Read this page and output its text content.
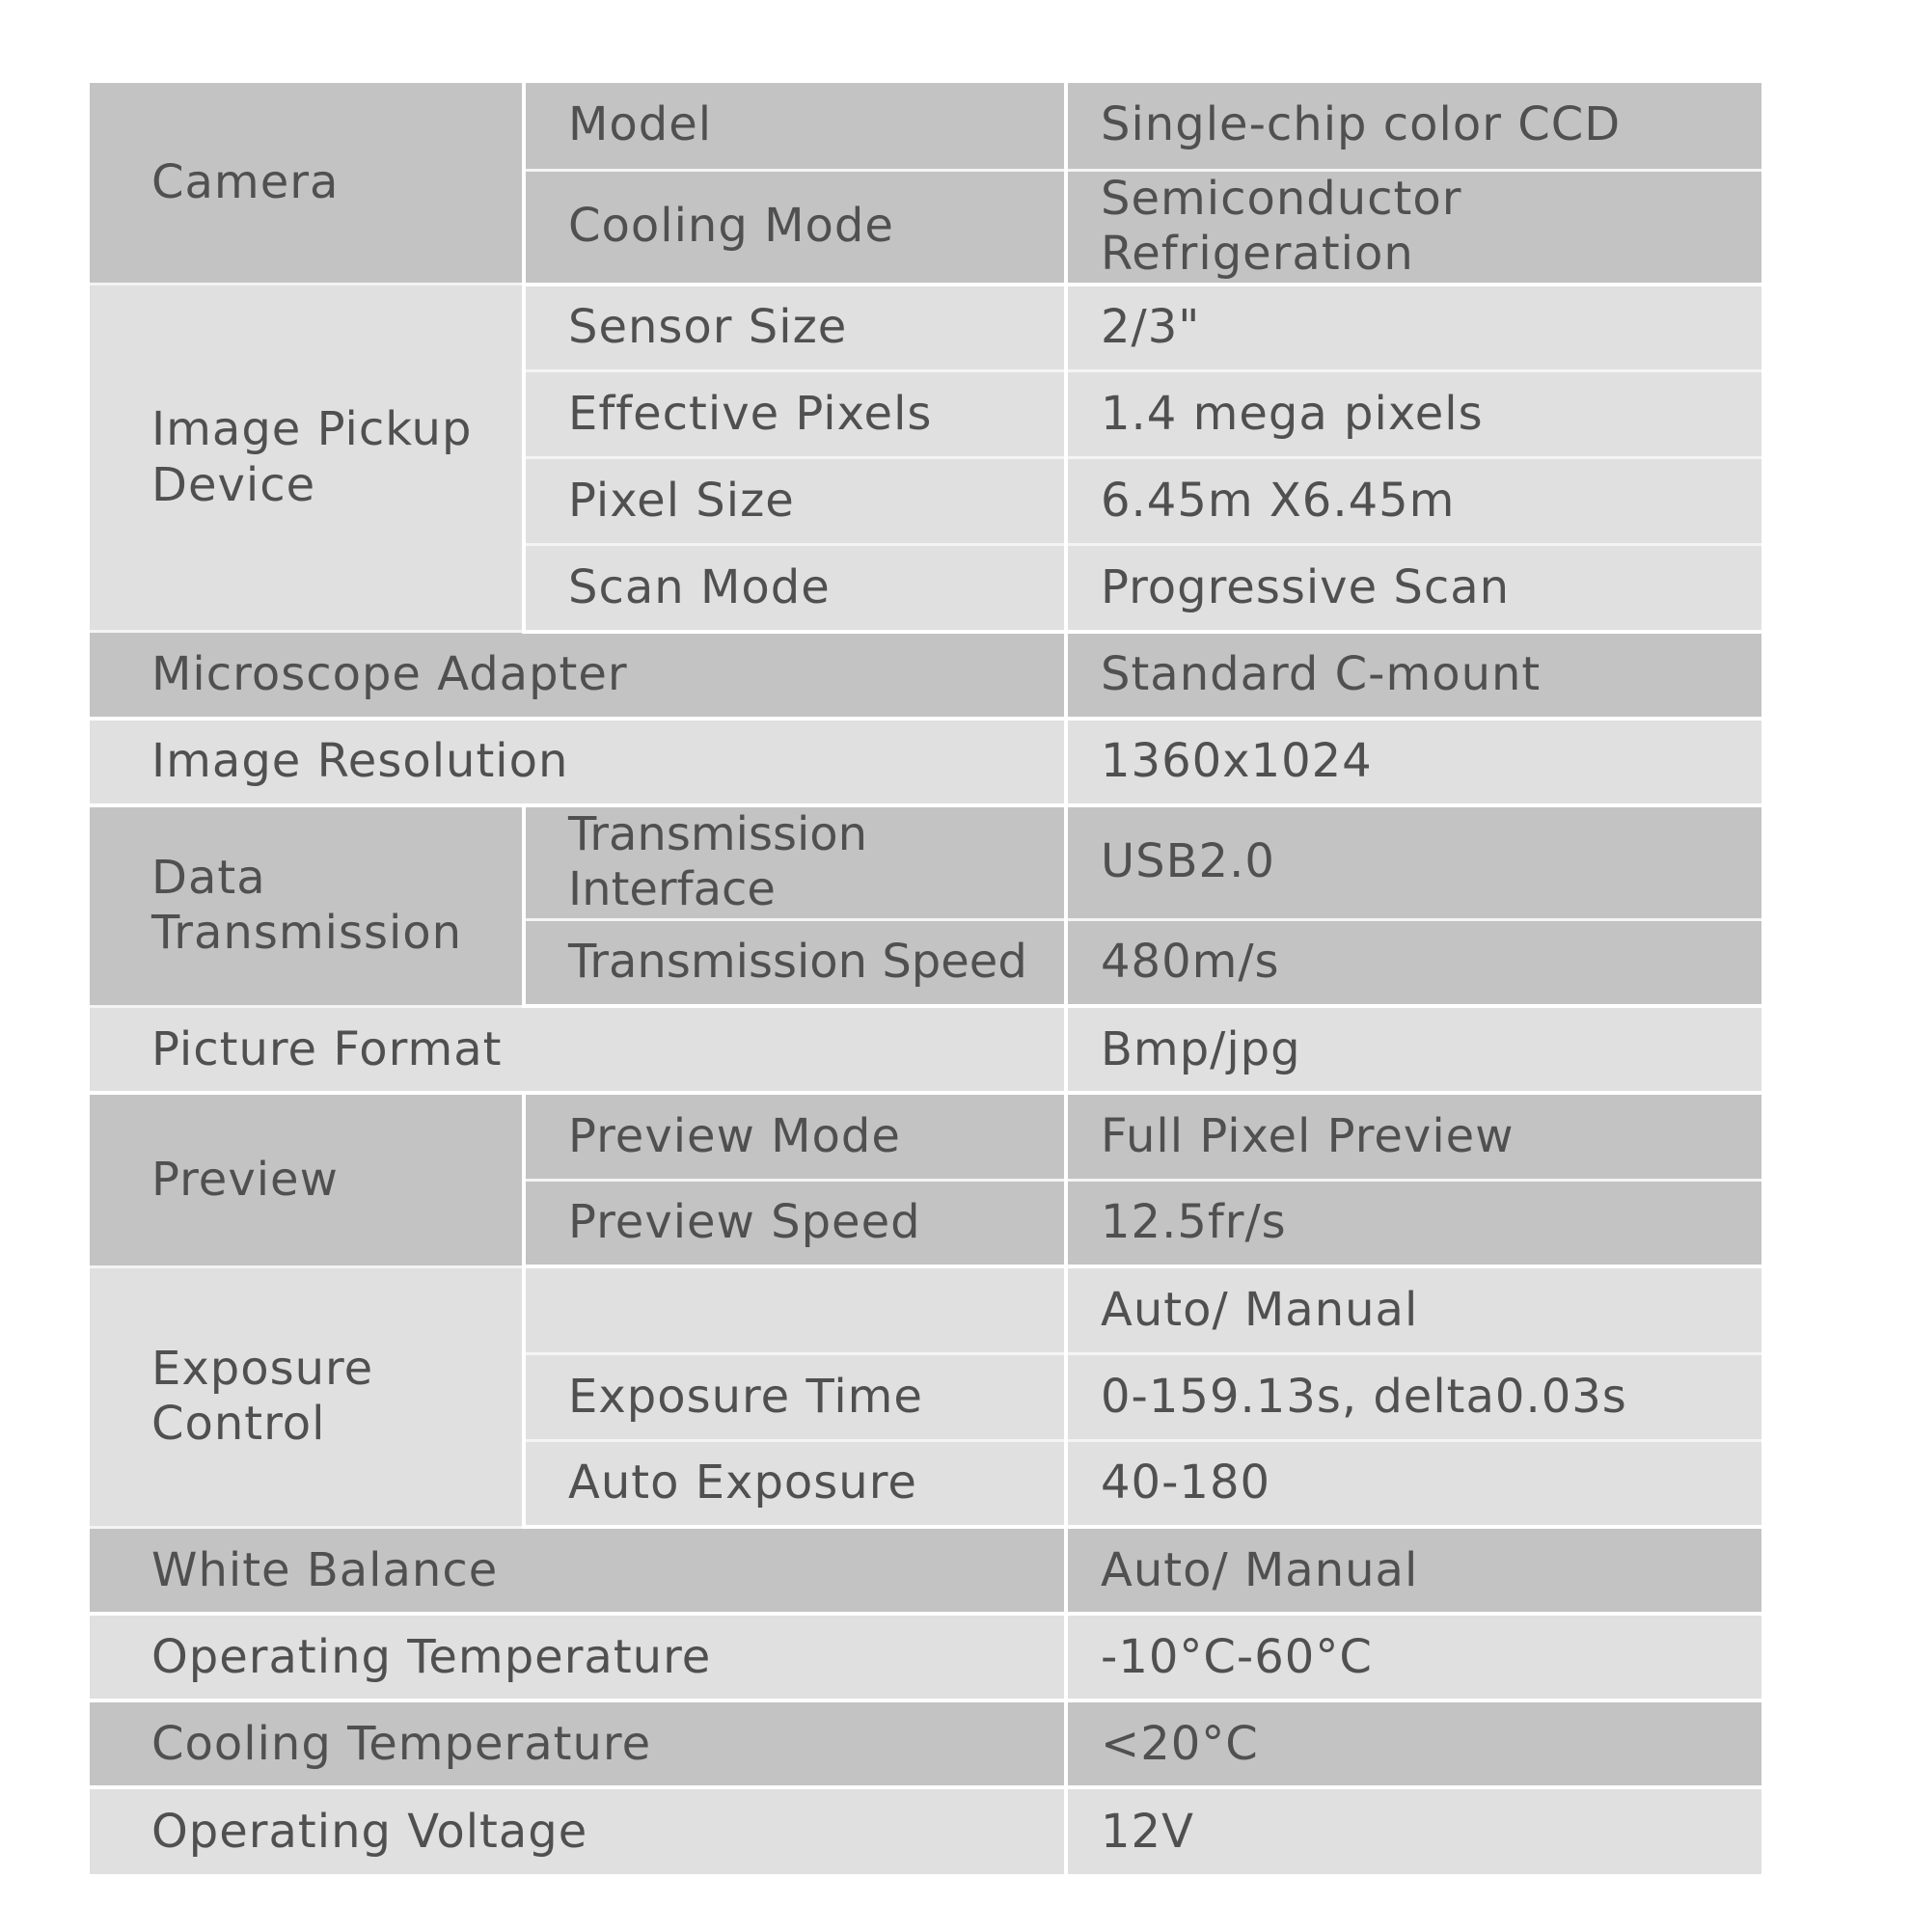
Camera	Model	Single-chip color CCD
	Cooling Mode	Semiconductor Refrigeration
Image Pickup Device	Sensor Size	2/3"
	Effective Pixels	1.4 mega pixels
	Pixel Size	6.45m X6.45m
	Scan Mode	Progressive Scan
Microscope Adapter		Standard C-mount
Image Resolution		1360x1024
Data Transmission	Transmission Interface	USB2.0
	Transmission Speed	480m/s
Picture Format		Bmp/jpg
Preview	Preview Mode	Full Pixel Preview
	Preview Speed	12.5fr/s
Exposure Control		Auto/ Manual
	Exposure Time	0-159.13s, delta0.03s
	Auto Exposure	40-180
White Balance		Auto/ Manual
Operating Temperature		-10°C-60°C
Cooling Temperature		<20°C
Operating Voltage		12V
